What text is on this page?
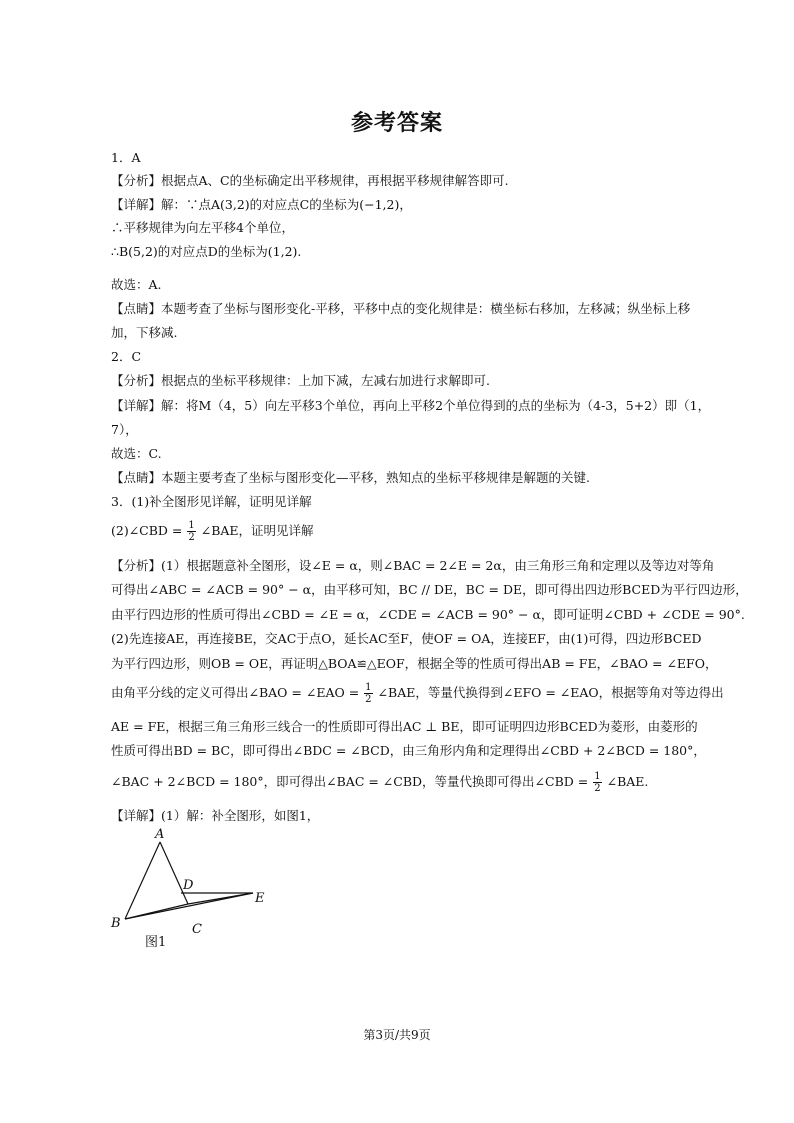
参考答案
1．A
【分析】根据点A、C的坐标确定出平移规律，再根据平移规律解答即可.
【详解】解：∵点A(3,2)的对应点C的坐标为(−1,2)，
∴平移规律为向左平移4个单位，
∴B(5,2)的对应点D的坐标为(1,2).
故选：A.
【点睛】本题考查了坐标与图形变化-平移，平移中点的变化规律是：横坐标右移加，左移减；纵坐标上移
加，下移减.
2．C
【分析】根据点的坐标平移规律：上加下减，左减右加进行求解即可.
【详解】解：将M（4，5）向左平移3个单位，再向上平移2个单位得到的点的坐标为（4-3，5+2）即（1，
7），
故选：C.
【点睛】本题主要考查了坐标与图形变化—平移，熟知点的坐标平移规律是解题的关键.
3．(1)补全图形见详解，证明见详解
(2)∠CBD = $\frac{1}{2}$ ∠BAE，证明见详解
【分析】(1）根据题意补全图形，设∠E = α，则∠BAC = 2∠E = 2α，由三角形三角和定理以及等边对等角
可得出∠ABC = ∠ACB = 90° − α，由平移可知，BC // DE，BC = DE，即可得出四边形BCED为平行四边形，
由平行四边形的性质可得出∠CBD = ∠E = α，∠CDE = ∠ACB = 90° − α，即可证明∠CBD + ∠CDE = 90°.
(2)先连接AE，再连接BE，交AC于点O，延长AC至F，使OF = OA，连接EF，由(1)可得，四边形BCED
为平行四边形，则OB = OE，再证明△BOA≌△EOF，根据全等的性质可得出AB = FE，∠BAO = ∠EFO，
由角平分线的定义可得出∠BAO = ∠EAO = $\frac{1}{2}$ ∠BAE，等量代换得到∠EFO = ∠EAO，根据等角对等边得出
AE = FE，根据三角三角形三线合一的性质即可得出AC ⊥ BE，即可证明四边形BCED为菱形，由菱形的
性质可得出BD = BC，即可得出∠BDC = ∠BCD，由三角形内角和定理得出∠CBD + 2∠BCD = 180°，
∠BAC + 2∠BCD = 180°，即可得出∠BAC = ∠CBD，等量代换即可得出∠CBD = $\frac{1}{2}$ ∠BAE.
【详解】(1）解：补全图形，如图1，
A
B	C
D
E
图1
第3页/共9页
